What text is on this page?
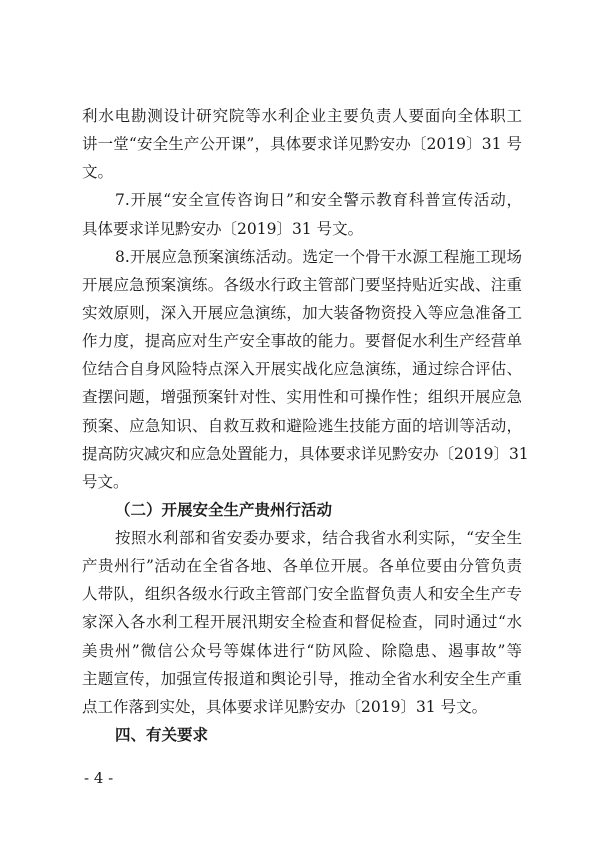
利水电勘测设计研究院等水利企业主要负责人要面向全体职工
讲一堂“安全生产公开课”，具体要求详见黔安办〔2019〕31 号
文。
7.开展“安全宣传咨询日”和安全警示教育科普宣传活动，
具体要求详见黔安办〔2019〕31 号文。
8.开展应急预案演练活动。选定一个骨干水源工程施工现场
开展应急预案演练。各级水行政主管部门要坚持贴近实战、注重
实效原则，深入开展应急演练，加大装备物资投入等应急准备工
作力度，提高应对生产安全事故的能力。要督促水利生产经营单
位结合自身风险特点深入开展实战化应急演练，通过综合评估、
查摆问题，增强预案针对性、实用性和可操作性；组织开展应急
预案、应急知识、自救互救和避险逃生技能方面的培训等活动，
提高防灾减灾和应急处置能力，具体要求详见黔安办〔2019〕31
号文。
（二）开展安全生产贵州行活动
按照水利部和省安委办要求，结合我省水利实际，“安全生
产贵州行”活动在全省各地、各单位开展。各单位要由分管负责
人带队，组织各级水行政主管部门安全监督负责人和安全生产专
家深入各水利工程开展汛期安全检查和督促检查，同时通过“水
美贵州”微信公众号等媒体进行“防风险、除隐患、遏事故”等
主题宣传，加强宣传报道和舆论引导，推动全省水利安全生产重
点工作落到实处，具体要求详见黔安办〔2019〕31 号文。
四、有关要求
- 4 -
